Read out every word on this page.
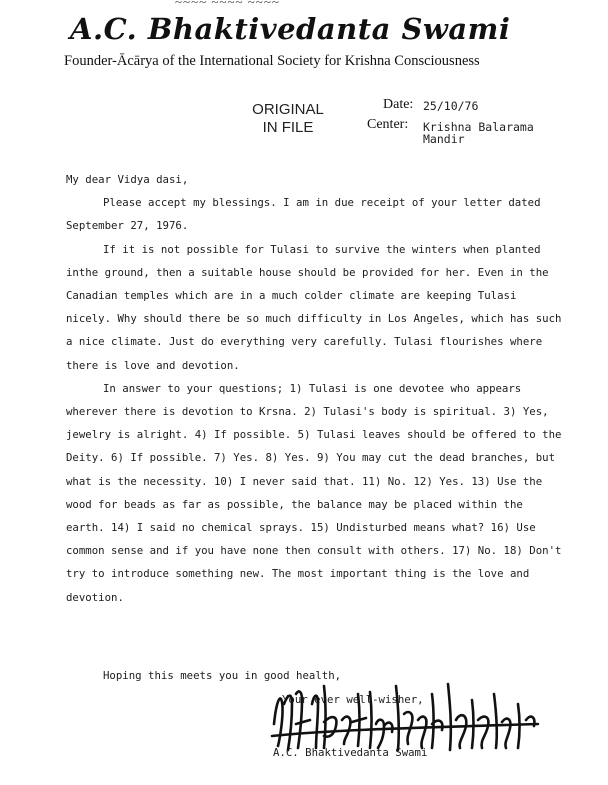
~~~~ ~~~~ ~~~~
A.C. Bhaktivedanta Swami
Founder-Ācārya of the International Society for Krishna Consciousness
ORIGINAL
IN FILE
Date: 25/10/76
Center: Krishna Balarama
Mandir

My dear Vidya dasi,

Please accept my blessings. I am in due receipt of your letter dated September 27, 1976.

If it is not possible for Tulasi to survive the winters when planted inthe ground, then a suitable house should be provided for her. Even in the Canadian temples which are in a much colder climate are keeping Tulasi nicely. Why should there be so much difficulty in Los Angeles, which has such a nice climate. Just do everything very carefully. Tulasi flourishes where there is love and devotion.

In answer to your questions; 1) Tulasi is one devotee who appears wherever there is devotion to Krsna. 2) Tulasi's body is spiritual. 3) Yes, jewelry is alright. 4) If possible. 5) Tulasi leaves should be offered to the Deity. 6) If possible. 7) Yes. 8) Yes. 9) You may cut the dead branches, but what is the necessity. 10) I never said that. 11) No. 12) Yes. 13) Use the wood for beads as far as possible, the balance may be placed within the earth. 14) I said no chemical sprays. 15) Undisturbed means what? 16) Use common sense and if you have none then consult with others. 17) No. 18) Don't try to introduce something new. The most important thing is the love and devotion.

Hoping this meets you in good health,
Your ever well-wisher,
A.C. Bhaktivedanta Swami
